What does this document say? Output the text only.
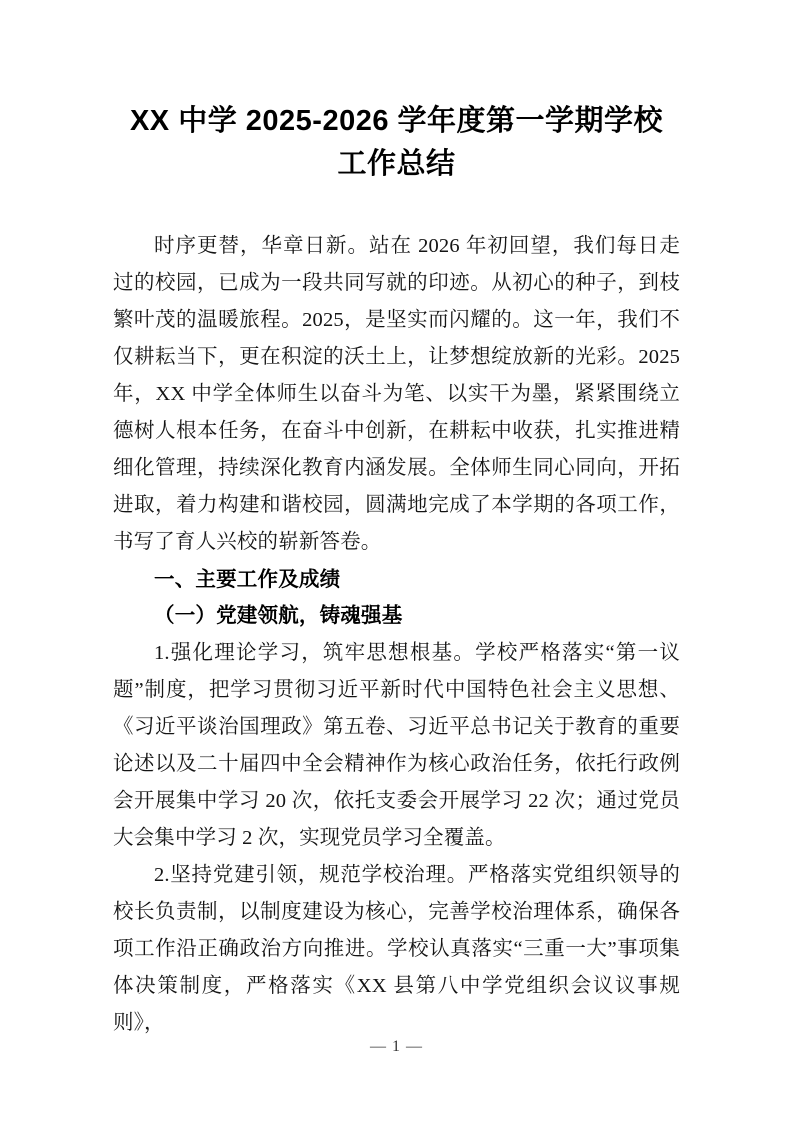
XX 中学 2025-2026 学年度第一学期学校
工作总结

时序更替，华章日新。站在 2026 年初回望，我们每日走过的校园，已成为一段共同写就的印迹。从初心的种子，到枝繁叶茂的温暖旅程。2025，是坚实而闪耀的。这一年，我们不仅耕耘当下，更在积淀的沃土上，让梦想绽放新的光彩。2025 年，XX 中学全体师生以奋斗为笔、以实干为墨，紧紧围绕立德树人根本任务，在奋斗中创新，在耕耘中收获，扎实推进精细化管理，持续深化教育内涵发展。全体师生同心同向，开拓进取，着力构建和谐校园，圆满地完成了本学期的各项工作，书写了育人兴校的崭新答卷。

一、主要工作及成绩

（一）党建领航，铸魂强基

1.强化理论学习，筑牢思想根基。学校严格落实“第一议题”制度，把学习贯彻习近平新时代中国特色社会主义思想、《习近平谈治国理政》第五卷、习近平总书记关于教育的重要论述以及二十届四中全会精神作为核心政治任务，依托行政例会开展集中学习 20 次，依托支委会开展学习 22 次；通过党员大会集中学习 2 次，实现党员学习全覆盖。

2.坚持党建引领，规范学校治理。严格落实党组织领导的校长负责制，以制度建设为核心，完善学校治理体系，确保各项工作沿正确政治方向推进。学校认真落实“三重一大”事项集体决策制度，严格落实《XX 县第八中学党组织会议议事规则》，

— 1 —
